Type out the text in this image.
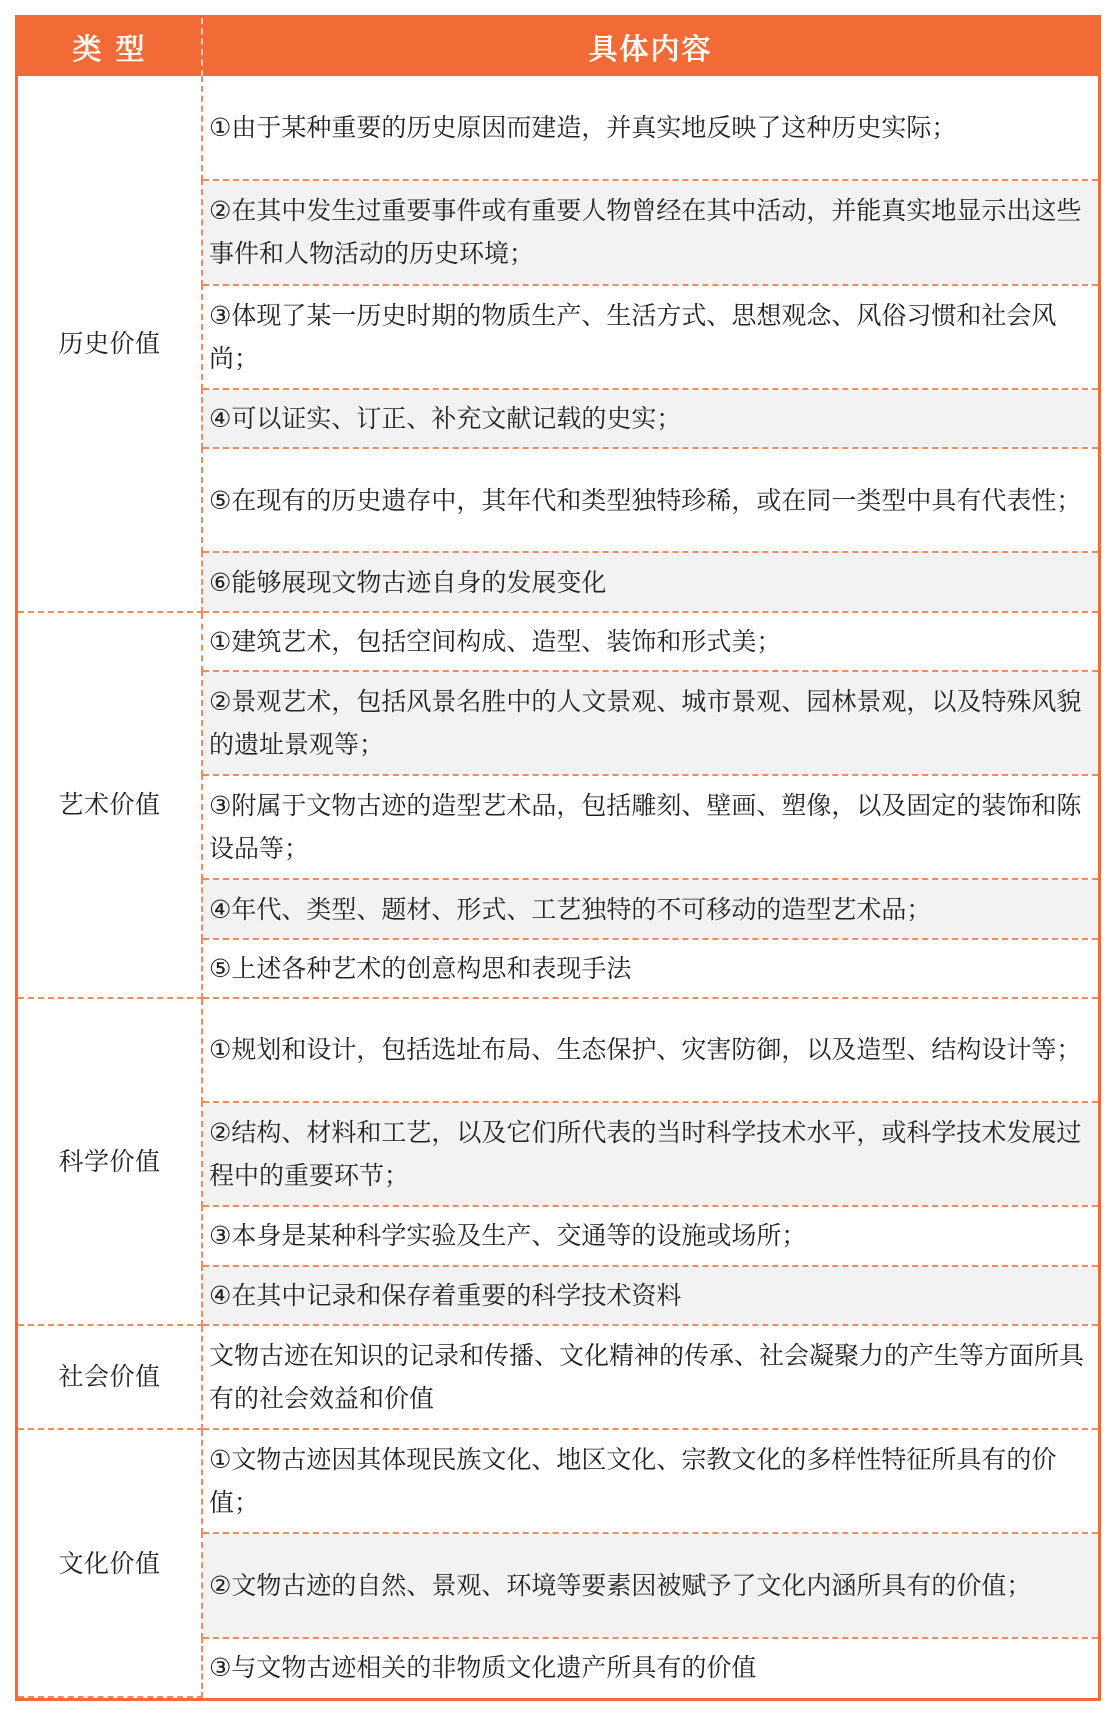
类 型	具体内容
历史价值	①由于某种重要的历史原因而建造，并真实地反映了这种历史实际；
	②在其中发生过重要事件或有重要人物曾经在其中活动，并能真实地显示出这些事件和人物活动的历史环境；
	③体现了某一历史时期的物质生产、生活方式、思想观念、风俗习惯和社会风尚；
	④可以证实、订正、补充文献记载的史实；
	⑤在现有的历史遗存中，其年代和类型独特珍稀，或在同一类型中具有代表性；
	⑥能够展现文物古迹自身的发展变化
艺术价值	①建筑艺术，包括空间构成、造型、装饰和形式美；
	②景观艺术，包括风景名胜中的人文景观、城市景观、园林景观，以及特殊风貌的遗址景观等；
	③附属于文物古迹的造型艺术品，包括雕刻、壁画、塑像，以及固定的装饰和陈设品等；
	④年代、类型、题材、形式、工艺独特的不可移动的造型艺术品；
	⑤上述各种艺术的创意构思和表现手法
科学价值	①规划和设计，包括选址布局、生态保护、灾害防御，以及造型、结构设计等；
	②结构、材料和工艺，以及它们所代表的当时科学技术水平，或科学技术发展过程中的重要环节；
	③本身是某种科学实验及生产、交通等的设施或场所；
	④在其中记录和保存着重要的科学技术资料
社会价值	文物古迹在知识的记录和传播、文化精神的传承、社会凝聚力的产生等方面所具有的社会效益和价值
文化价值	①文物古迹因其体现民族文化、地区文化、宗教文化的多样性特征所具有的价值；
	②文物古迹的自然、景观、环境等要素因被赋予了文化内涵所具有的价值；
	③与文物古迹相关的非物质文化遗产所具有的价值
